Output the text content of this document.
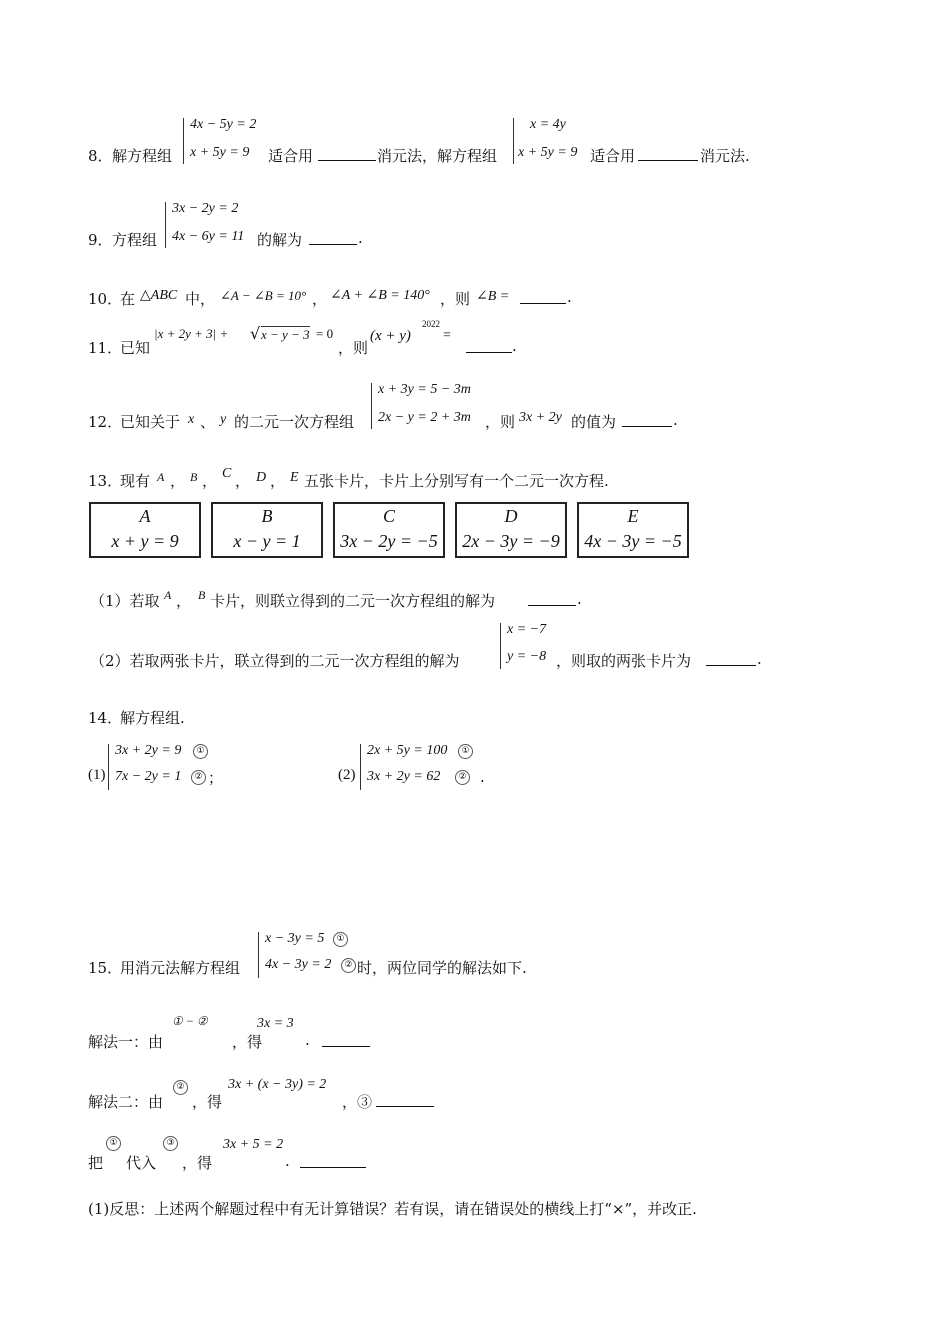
8． 解方程组
4x − 5y = 2
x + 5y = 9 适合用	消元法，解方程组
x = 4y
x + 5y = 9 适合用	消元法.
9． 方程组
3x − 2y = 2
4x − 6y = 11 的解为	.
10．
在 △ABC 中， ∠A − ∠B = 10° ， ∠A + ∠B = 140° ，则 ∠B =	.
11．
已知
|x + 2y + 3| + √ x − y − 3 = 0
，则
(x + y)
2022
=
.
12．
已知关于 x 、 y 的二元一次方程组
x + 3y = 5 − 3m
2x − y = 2 + 3m ，则 3x + 2y 的值为	.
13．
现有 A ， B ， C ， D ， E 五张卡片，卡片上分别写有一个二元一次方程.
A
x + y = 9
B
x − y = 1
C
3x − 2y = −5
D
2x − 3y = −9
E
4x − 3y = −5
（1）若取 A ， B 卡片，则联立得到的二元一次方程组的解为	.
（2）若取两张卡片，联立得到的二元一次方程组的解为
x = −7
y = −8 ，则取的两张卡片为	.
14．
解方程组.
(1)
3x + 2y = 9	①
7x − 2y = 1	② ；	(2)
2x + 5y = 100	①
3x + 2y = 62	② .
15．
用消元法解方程组
x − 3y = 5	①
4x − 3y = 2	② 时，两位同学的解法如下.
解法一：由
① − ②
，得
3x = 3
.
解法二：由
②
，得
3x + (x − 3y) = 2
，③
把
①
代入
③
，得
3x + 5 = 2
.
(1)反思：上述两个解题过程中有无计算错误？若有误，请在错误处的横线上打“×”，并改正.
